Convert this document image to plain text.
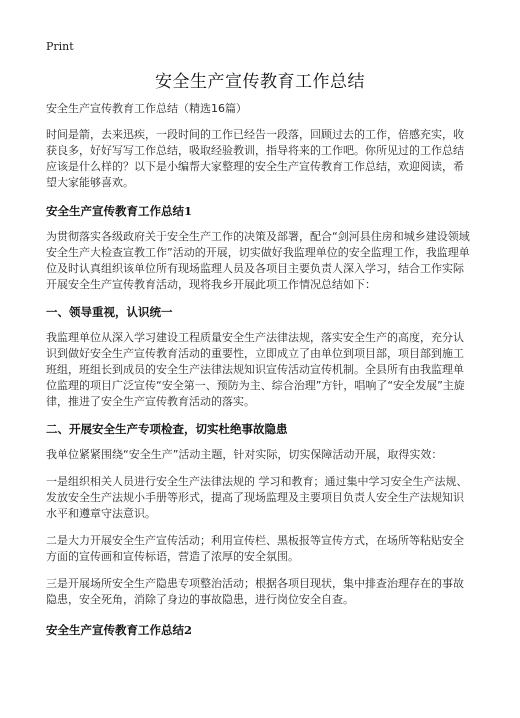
Print
安全生产宣传教育工作总结

安全生产宣传教育工作总结（精选16篇）

时间是箭，去来迅疾，一段时间的工作已经告一段落，回顾过去的工作，倍感充实，收获良多，好好写写工作总结，吸取经验教训，指导将来的工作吧。你所见过的工作总结应该是什么样的？以下是小编帮大家整理的安全生产宣传教育工作总结，欢迎阅读，希望大家能够喜欢。

安全生产宣传教育工作总结1

为贯彻落实各级政府关于安全生产工作的决策及部署，配合“剑河县住房和城乡建设领域安全生产大检查宣教工作”活动的开展，切实做好我监理单位的安全监理工作，我监理单位及时认真组织该单位所有现场监理人员及各项目主要负责人深入学习，结合工作实际开展安全生产宣传教育活动，现将我乡开展此项工作情况总结如下：

一、领导重视，认识统一

我监理单位从深入学习建设工程质量安全生产法律法规，落实安全生产的高度，充分认识到做好安全生产宣传教育活动的重要性，立即成立了由单位到项目部，项目部到施工班组，班组长到成员的安全生产法律法规知识宣传活动宣传机制。全县所有由我监理单位监理的项目广泛宣传“安全第一、预防为主、综合治理”方针，唱响了“安全发展”主旋律，推进了安全生产宣传教育活动的落实。

二、开展安全生产专项检查，切实杜绝事故隐患

我单位紧紧围绕“安全生产”活动主题，针对实际，切实保障活动开展，取得实效：

一是组织相关人员进行安全生产法律法规的 学习和教育；通过集中学习安全生产法规、发放安全生产法规小手册等形式，提高了现场监理及主要项目负责人安全生产法规知识水平和遵章守法意识。

二是大力开展安全生产宣传活动；利用宣传栏、黑板报等宣传方式，在场所等粘贴安全方面的宣传画和宣传标语，营造了浓厚的安全氛围。

三是开展场所安全生产隐患专项整治活动；根据各项目现状，集中排查治理存在的事故隐患，安全死角，消除了身边的事故隐患，进行岗位安全自查。

安全生产宣传教育工作总结2
